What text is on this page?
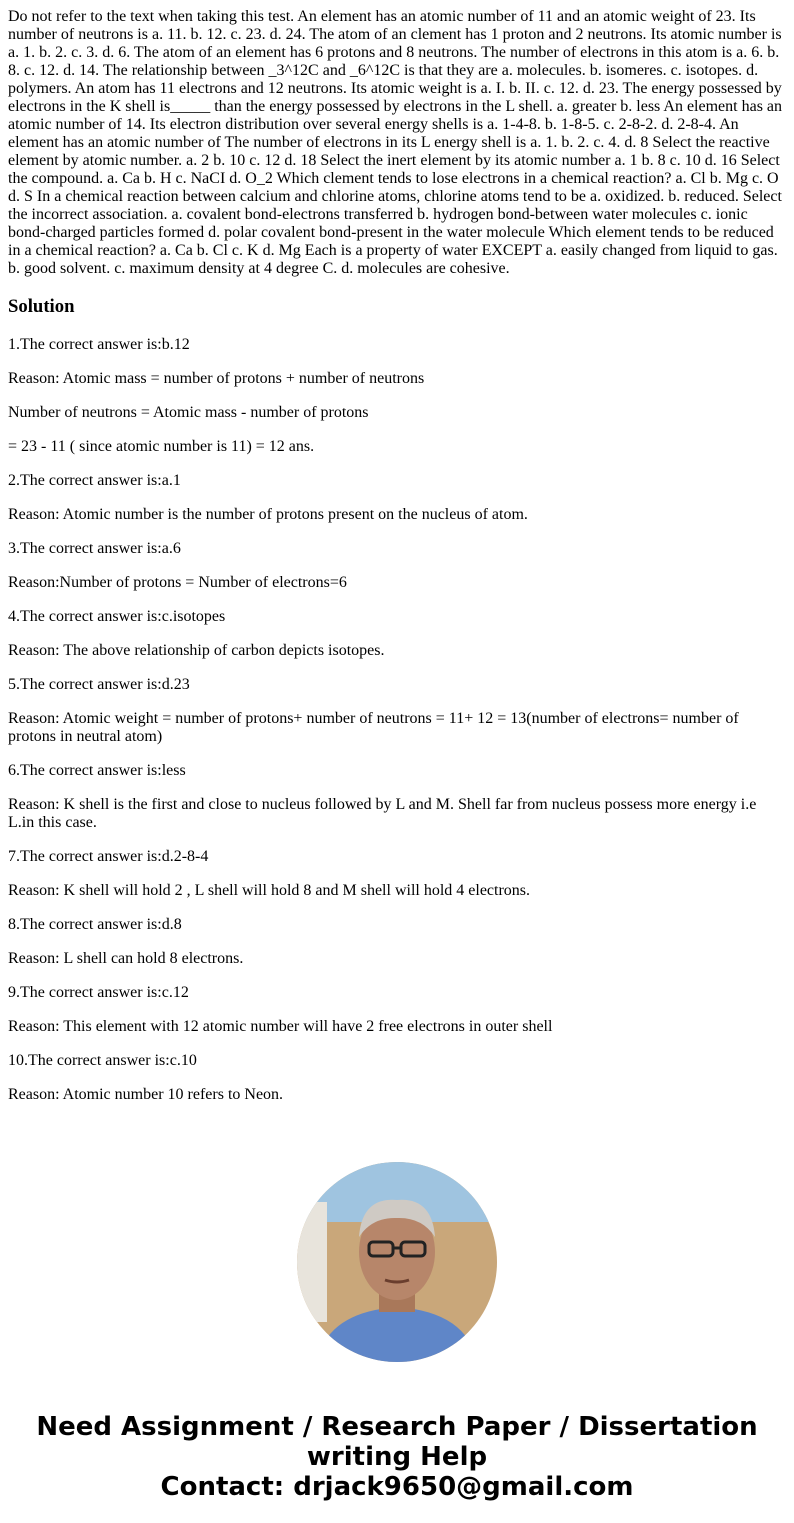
Do not refer to the text when taking this test. An element has an atomic number of 11 and an atomic weight of 23. Its number of neutrons is a. 11. b. 12. c. 23. d. 24. The atom of an clement has 1 proton and 2 neutrons. Its atomic number is a. 1. b. 2. c. 3. d. 6. The atom of an element has 6 protons and 8 neutrons. The number of electrons in this atom is a. 6. b. 8. c. 12. d. 14. The relationship between _3^12C and _6^12C is that they are a. molecules. b. isomeres. c. isotopes. d. polymers. An atom has 11 electrons and 12 neutrons. Its atomic weight is a. I. b. II. c. 12. d. 23. The energy possessed by electrons in the K shell is_____ than the energy possessed by electrons in the L shell. a. greater b. less An element has an atomic number of 14. Its electron distribution over several energy shells is a. 1-4-8. b. 1-8-5. c. 2-8-2. d. 2-8-4. An element has an atomic number of The number of electrons in its L energy shell is a. 1. b. 2. c. 4. d. 8 Select the reactive element by atomic number. a. 2 b. 10 c. 12 d. 18 Select the inert element by its atomic number a. 1 b. 8 c. 10 d. 16 Select the compound. a. Ca b. H c. NaCI d. O_2 Which clement tends to lose electrons in a chemical reaction? a. Cl b. Mg c. O d. S In a chemical reaction between calcium and chlorine atoms, chlorine atoms tend to be a. oxidized. b. reduced. Select the incorrect association. a. covalent bond-electrons transferred b. hydrogen bond-between water molecules c. ionic bond-charged particles formed d. polar covalent bond-present in the water molecule Which element tends to be reduced in a chemical reaction? a. Ca b. Cl c. K d. Mg Each is a property of water EXCEPT a. easily changed from liquid to gas. b. good solvent. c. maximum density at 4 degree C. d. molecules are cohesive.

Solution

1.The correct answer is:b.12

Reason: Atomic mass = number of protons + number of neutrons

Number of neutrons = Atomic mass - number of protons

= 23 - 11 ( since atomic number is 11) = 12 ans.

2.The correct answer is:a.1

Reason: Atomic number is the number of protons present on the nucleus of atom.

3.The correct answer is:a.6

Reason:Number of protons = Number of electrons=6

4.The correct answer is:c.isotopes

Reason: The above relationship of carbon depicts isotopes.

5.The correct answer is:d.23

Reason: Atomic weight = number of protons+ number of neutrons = 11+ 12 = 13(number of electrons= number of protons in neutral atom)

6.The correct answer is:less

Reason: K shell is the first and close to nucleus followed by L and M. Shell far from nucleus possess more energy i.e L.in this case.

7.The correct answer is:d.2-8-4

Reason: K shell will hold 2 , L shell will hold 8 and M shell will hold 4 electrons.

8.The correct answer is:d.8

Reason: L shell can hold 8 electrons.

9.The correct answer is:c.12

Reason: This element with 12 atomic number will have 2 free electrons in outer shell

10.The correct answer is:c.10

Reason: Atomic number 10 refers to Neon.

Need Assignment / Research Paper / Dissertation writing Help
Contact: drjack9650@gmail.com
